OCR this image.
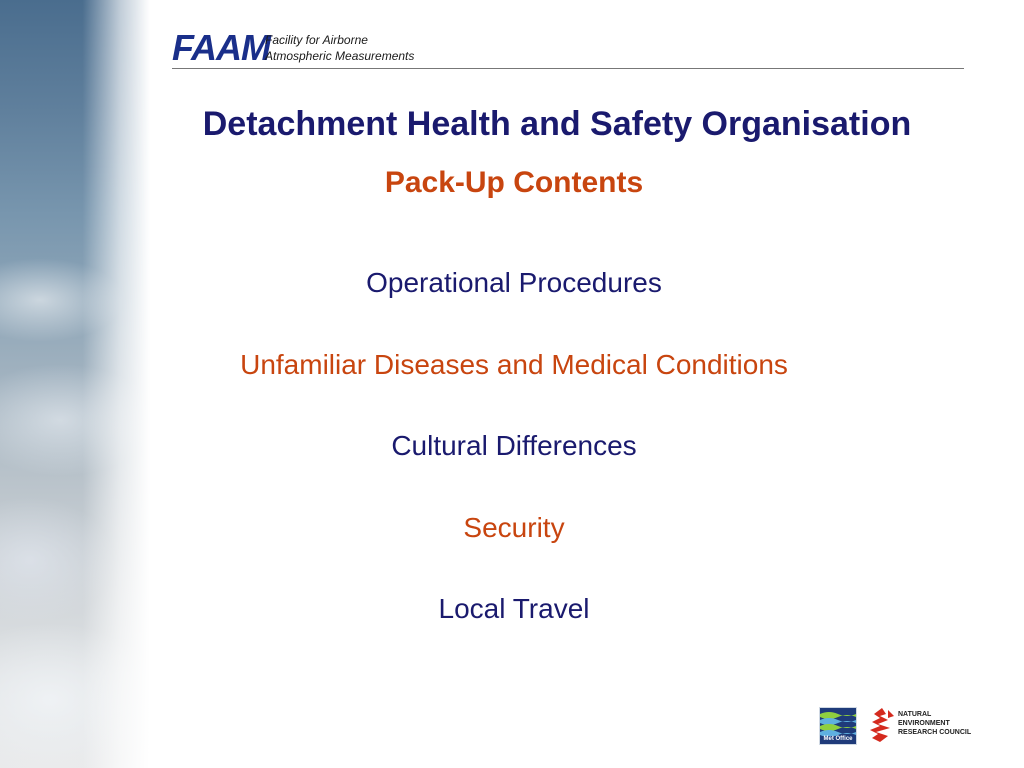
FAAM
Facility for Airborne
Atmospheric Measurements
Detachment Health and Safety Organisation
Pack-Up Contents
Operational Procedures
Unfamiliar Diseases and Medical Conditions
Cultural Differences
Security
Local Travel
Met Office
NATURAL
ENVIRONMENT
RESEARCH COUNCIL
